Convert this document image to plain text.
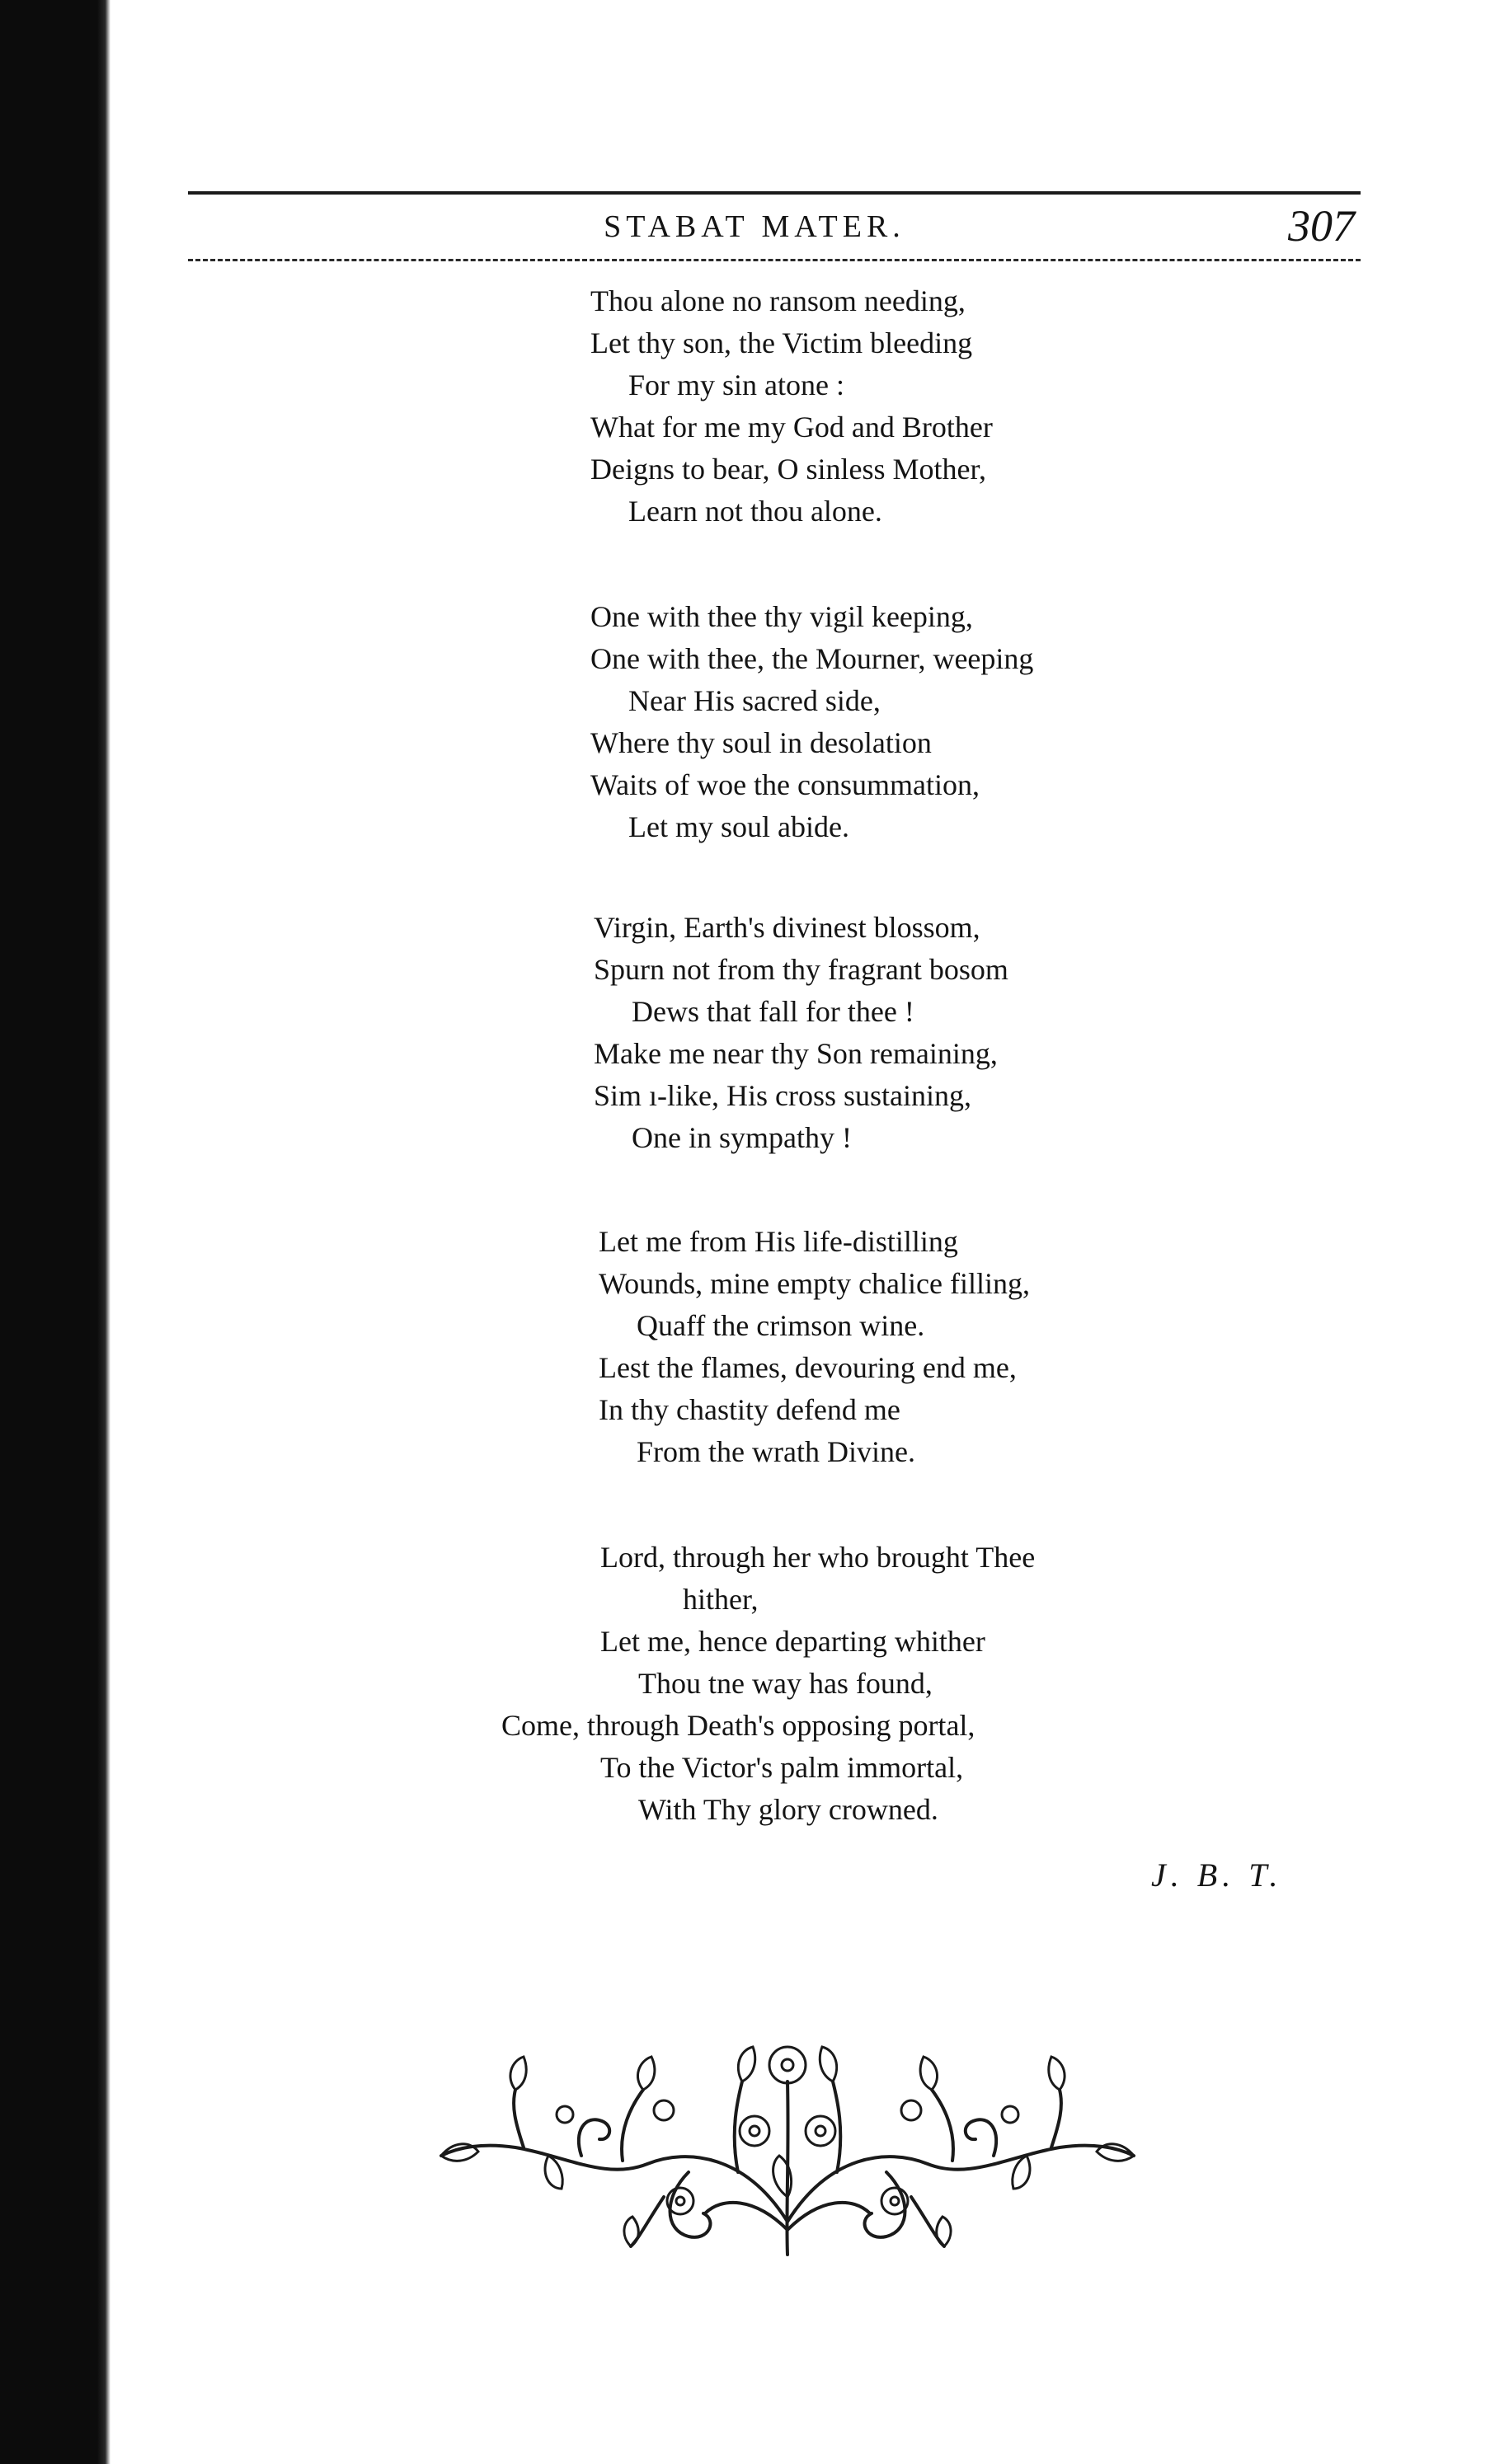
STABAT MATER.	307
Thou alone no ransom needing,
Let thy son, the Victim bleeding
For my sin atone :
What for me my God and Brother
Deigns to bear, O sinless Mother,
Learn not thou alone.
One with thee thy vigil keeping,
One with thee, the Mourner, weeping
Near His sacred side,
Where thy soul in desolation
Waits of woe the consummation,
Let my soul abide.
Virgin, Earth's divinest blossom,
Spurn not from thy fragrant bosom
Dews that fall for thee !
Make me near thy Son remaining,
Sim ı-like, His cross sustaining,
One in sympathy !
Let me from His life-distilling
Wounds, mine empty chalice filling,
Quaff the crimson wine.
Lest the flames, devouring end me,
In thy chastity defend me
From the wrath Divine.
Lord, through her who brought Thee
hither,
Let me, hence departing whither
Thou tne way has found,
Come, through Death's opposing portal,
To the Victor's palm immortal,
With Thy glory crowned.
J. B. T.
